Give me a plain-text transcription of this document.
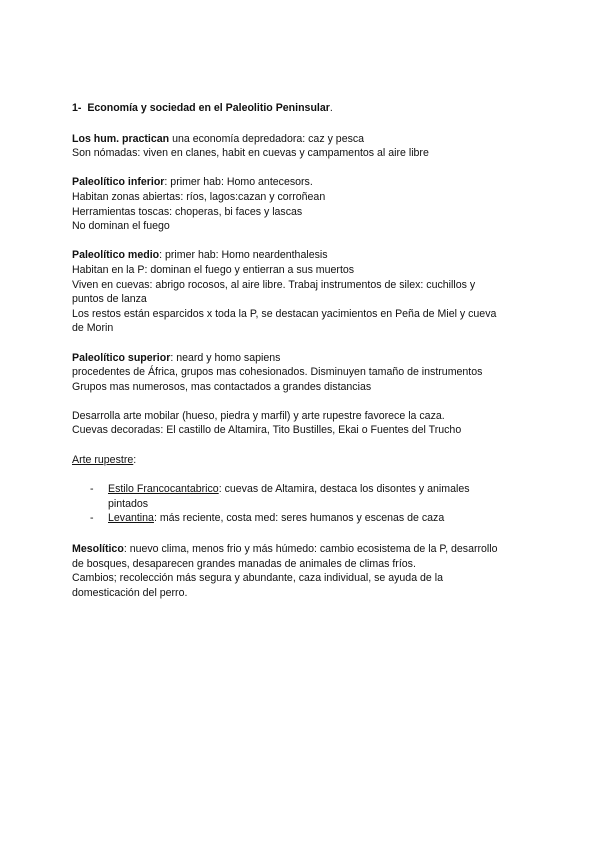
1- Economía y sociedad en el Paleolitio Peninsular.
Los hum. practican una economía depredadora: caz y pesca
Son nómadas: viven en clanes, habit en cuevas y campamentos al aire libre
Paleolítico inferior: primer hab: Homo antecesors.
Habitan zonas abiertas: ríos, lagos:cazan y corroñean
Herramientas toscas: choperas, bi faces y lascas
No dominan el fuego
Paleolítico medio: primer hab: Homo neardenthalesis
Habitan en la P: dominan el fuego y entierran a sus muertos
Viven en cuevas: abrigo rocosos, al aire libre. Trabaj instrumentos de silex: cuchillos y
puntos de lanza
Los restos están esparcidos x toda la P, se destacan yacimientos en Peña de Miel y cueva
de Morin
Paleolítico superior: neard y homo sapiens
procedentes de África, grupos mas cohesionados. Disminuyen tamaño de instrumentos
Grupos mas numerosos, mas contactados a grandes distancias
Desarrolla arte mobilar (hueso, piedra y marfil) y arte rupestre favorece la caza.
Cuevas decoradas: El castillo de Altamira, Tito Bustilles, Ekai o Fuentes del Trucho
Arte rupestre:
- Estilo Francocantabrico: cuevas de Altamira, destaca los disontes y animales
pintados
- Levantina: más reciente, costa med: seres humanos y escenas de caza
Mesolítico: nuevo clima, menos frio y más húmedo: cambio ecosistema de la P, desarrollo
de bosques, desaparecen grandes manadas de animales de climas fríos.
Cambios; recolección más segura y abundante, caza individual, se ayuda de la
domesticación del perro.
